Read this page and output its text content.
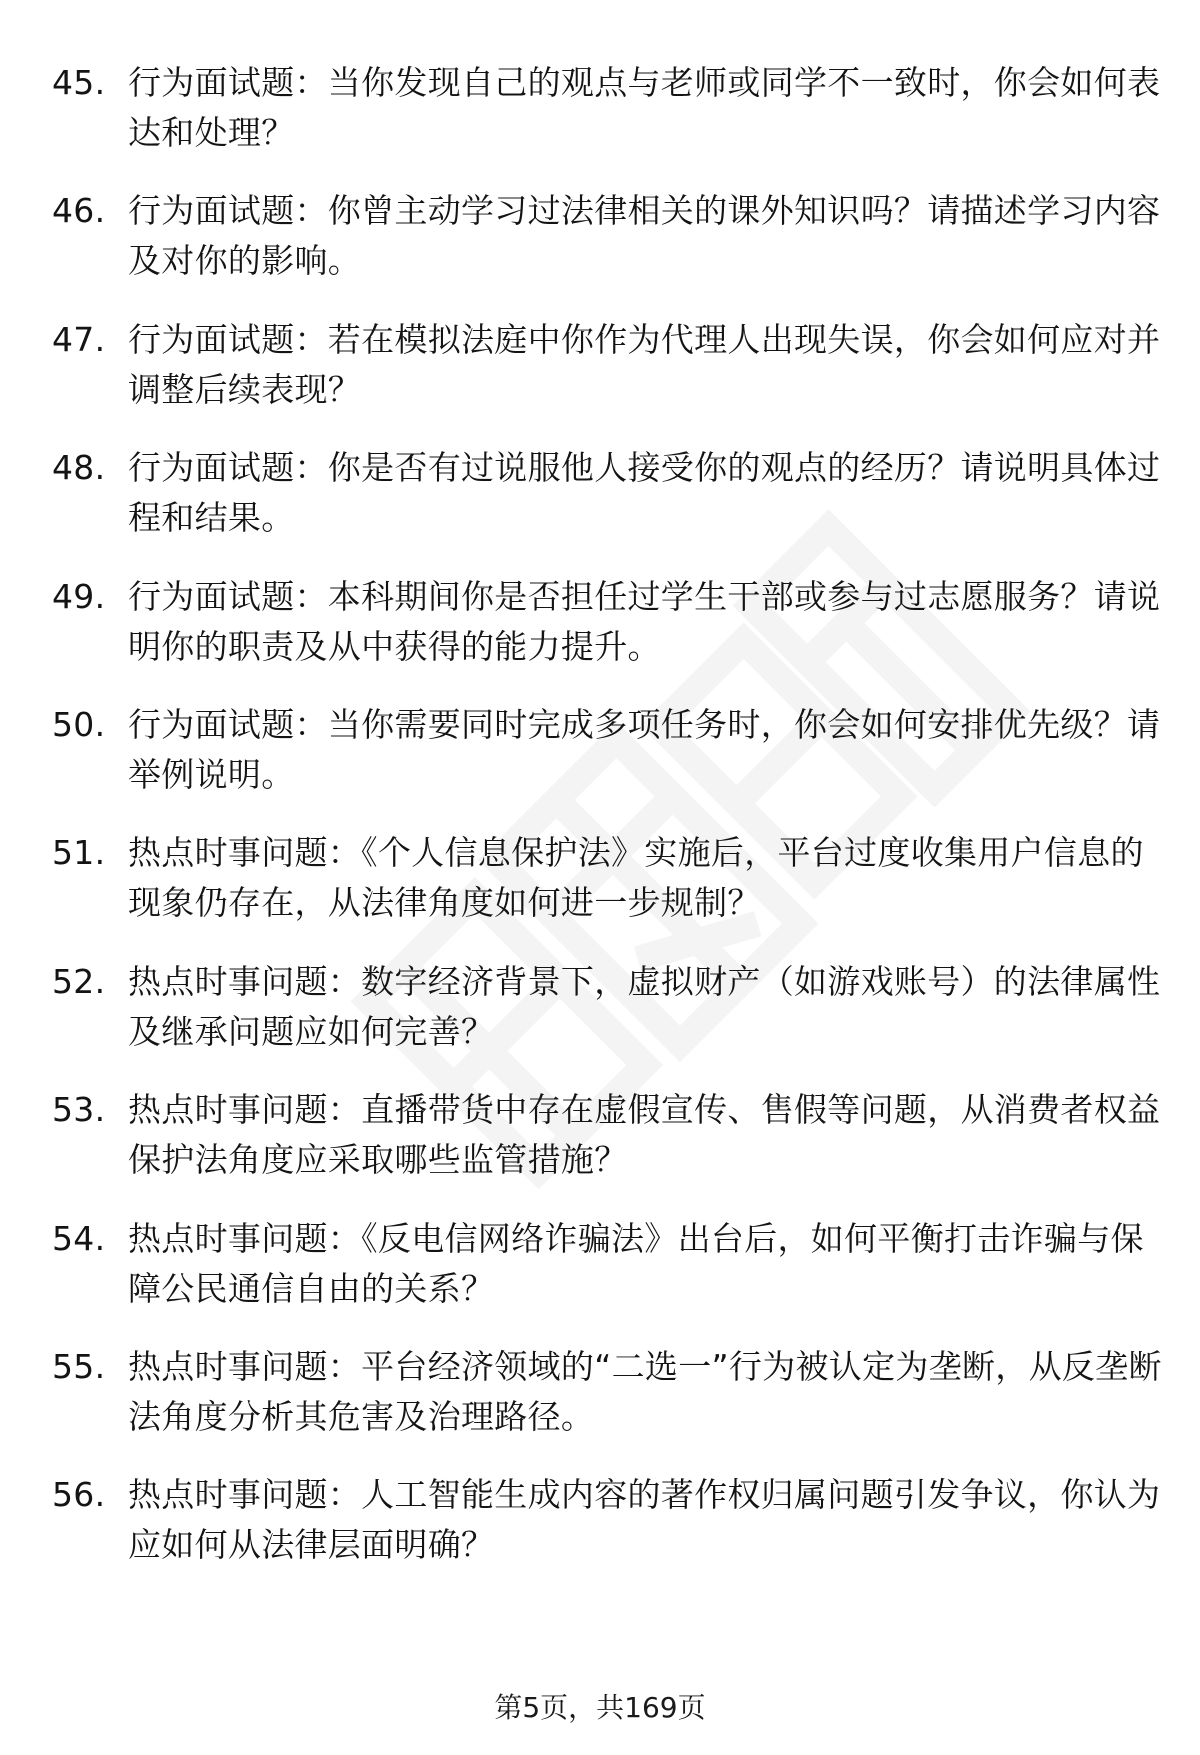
45. 行为面试题：当你发现自己的观点与老师或同学不一致时，你会如何表达和处理？
46. 行为面试题：你曾主动学习过法律相关的课外知识吗？请描述学习内容及对你的影响。
47. 行为面试题：若在模拟法庭中你作为代理人出现失误，你会如何应对并调整后续表现？
48. 行为面试题：你是否有过说服他人接受你的观点的经历？请说明具体过程和结果。
49. 行为面试题：本科期间你是否担任过学生干部或参与过志愿服务？请说明你的职责及从中获得的能力提升。
50. 行为面试题：当你需要同时完成多项任务时，你会如何安排优先级？请举例说明。
51. 热点时事问题：《个人信息保护法》实施后，平台过度收集用户信息的现象仍存在，从法律角度如何进一步规制？
52. 热点时事问题：数字经济背景下，虚拟财产（如游戏账号）的法律属性及继承问题应如何完善？
53. 热点时事问题：直播带货中存在虚假宣传、售假等问题，从消费者权益保护法角度应采取哪些监管措施？
54. 热点时事问题：《反电信网络诈骗法》出台后，如何平衡打击诈骗与保障公民通信自由的关系？
55. 热点时事问题：平台经济领域的“二选一”行为被认定为垄断，从反垄断法角度分析其危害及治理路径。
56. 热点时事问题：人工智能生成内容的著作权归属问题引发争议，你认为应如何从法律层面明确？
第5页，共169页
